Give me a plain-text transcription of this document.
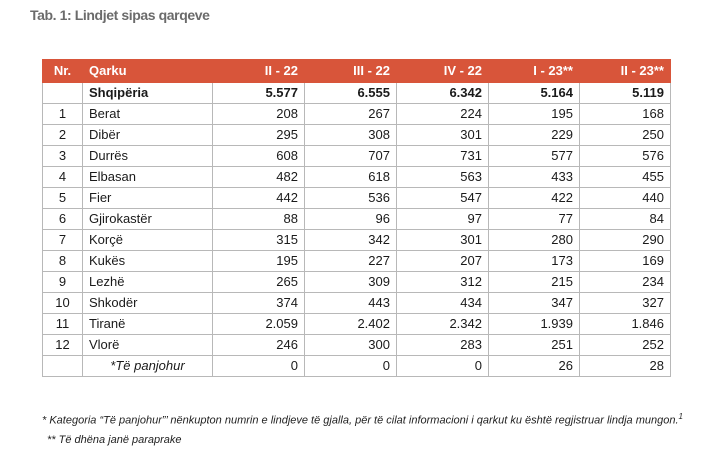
Tab. 1: Lindjet sipas qarqeve
Nr.	Qarku	II - 22	III - 22	IV - 22	I - 23**	II - 23**
	Shqipëria	5.577	6.555	6.342	5.164	5.119
1	Berat	208	267	224	195	168
2	Dibër	295	308	301	229	250
3	Durrës	608	707	731	577	576
4	Elbasan	482	618	563	433	455
5	Fier	442	536	547	422	440
6	Gjirokastër	88	96	97	77	84
7	Korçë	315	342	301	280	290
8	Kukës	195	227	207	173	169
9	Lezhë	265	309	312	215	234
10	Shkodër	374	443	434	347	327
11	Tiranë	2.059	2.402	2.342	1.939	1.846
12	Vlorë	246	300	283	251	252
	*Të panjohur	0	0	0	26	28
* Kategoria “Të panjohur”’ nënkupton numrin e lindjeve të gjalla, për të cilat informacioni i qarkut ku është regjistruar lindja mungon.$^1$
** Të dhëna janë paraprake
